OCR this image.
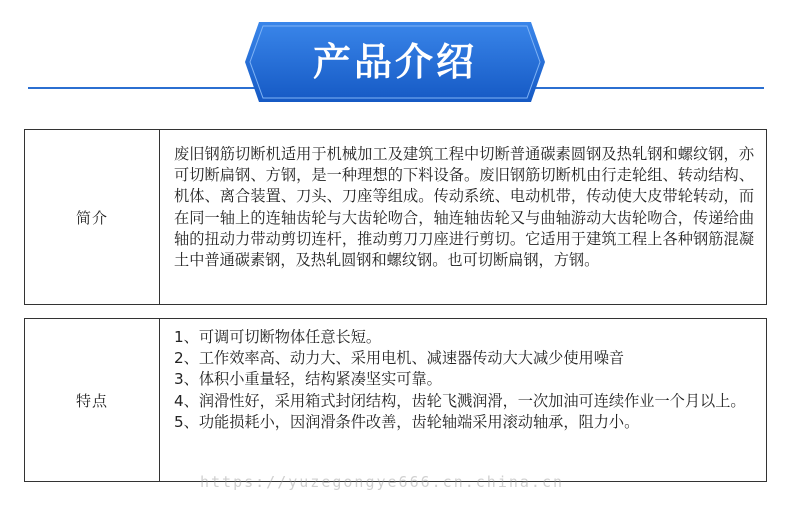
产品介绍
简介
废旧钢筋切断机适用于机械加工及建筑工程中切断普通碳素圆钢及热轧钢和螺纹钢，亦可切断扁钢、方钢，是一种理想的下料设备。废旧钢筋切断机由行走轮组、转动结构、机体、离合装置、刀头、刀座等组成。传动系统、电动机带，传动使大皮带轮转动，而在同一轴上的连轴齿轮与大齿轮吻合，轴连轴齿轮又与曲轴游动大齿轮吻合，传递给曲轴的扭动力带动剪切连杆，推动剪刀刀座进行剪切。它适用于建筑工程上各种钢筋混凝土中普通碳素钢，及热轧圆钢和螺纹钢。也可切断扁钢，方钢。
特点
1、可调可切断物体任意长短。
2、工作效率高、动力大、采用电机、减速器传动大大减少使用噪音
3、体积小重量轻，结构紧凑坚实可靠。
4、润滑性好，采用箱式封闭结构，齿轮飞溅润滑，一次加油可连续作业一个月以上。
5、功能损耗小，因润滑条件改善，齿轮轴端采用滚动轴承，阻力小。
https://yuzegongye666.cn.china.cn
